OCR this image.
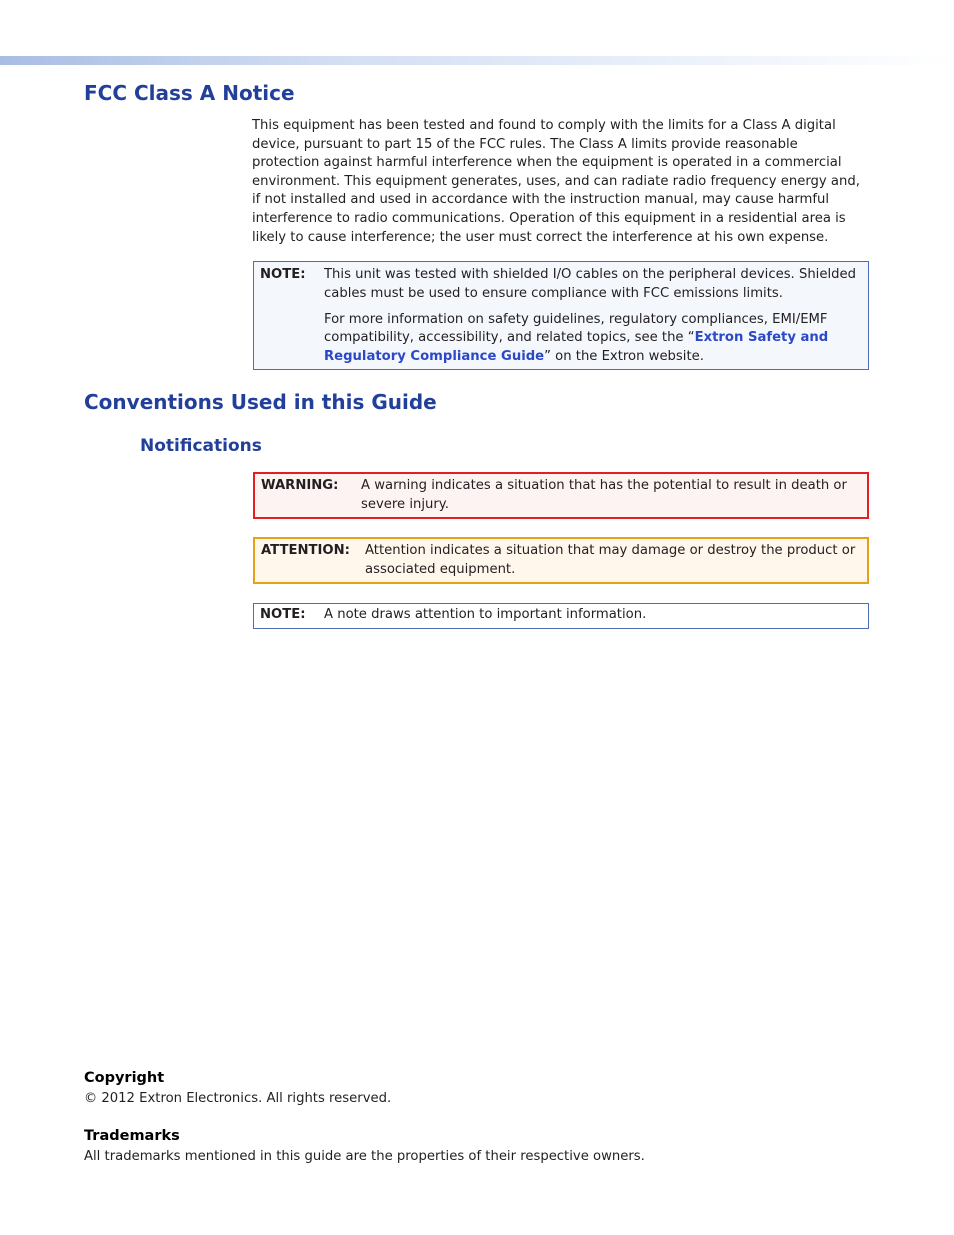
FCC Class A Notice

This equipment has been tested and found to comply with the limits for a Class A digital device, pursuant to part 15 of the FCC rules. The Class A limits provide reasonable protection against harmful interference when the equipment is operated in a commercial environment. This equipment generates, uses, and can radiate radio frequency energy and, if not installed and used in accordance with the instruction manual, may cause harmful interference to radio communications. Operation of this equipment in a residential area is likely to cause interference; the user must correct the interference at his own expense.

NOTE: This unit was tested with shielded I/O cables on the peripheral devices. Shielded cables must be used to ensure compliance with FCC emissions limits.

For more information on safety guidelines, regulatory compliances, EMI/EMF compatibility, accessibility, and related topics, see the “Extron Safety and Regulatory Compliance Guide” on the Extron website.

Conventions Used in this Guide
Notifications
WARNING: A warning indicates a situation that has the potential to result in death or severe injury.

ATTENTION: Attention indicates a situation that may damage or destroy the product or associated equipment.

NOTE: A note draws attention to important information.

Copyright

© 2012 Extron Electronics. All rights reserved.

Trademarks

All trademarks mentioned in this guide are the properties of their respective owners.
